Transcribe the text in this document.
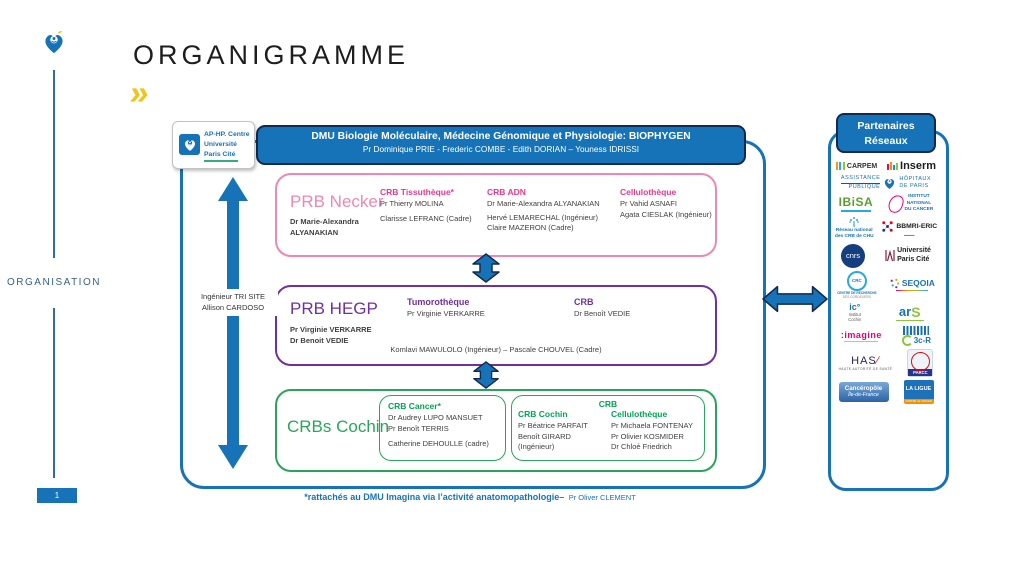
ORGANISATION
1
ORGANIGRAMME
»
AP-HP. Centre
Université
Paris Cité
DMU Biologie Moléculaire, Médecine Génomique et Physiologie: BIOPHYGEN
Pr Dominique PRIE - Frederic COMBE - Edith DORIAN – Youness IDRISSI
Ingénieur TRI SITE
Allison CARDOSO
PRB Necker
Dr Marie-Alexandra ALYANAKIAN
CRB Tissuthèque*
Pr Thierry MOLINA
Clarisse LEFRANC (Cadre)
CRB ADN
Dr Marie-Alexandra ALYANAKIAN
Hervé LEMARECHAL (Ingénieur)
Claire MAZERON (Cadre)
Cellulothèque
Pr Vahid ASNAFI
Agata CIESLAK (Ingénieur)
PRB HEGP
Pr Virginie VERKARRE
Dr Benoit VEDIE
Tumorothèque
Pr Virginie VERKARRE
CRB
Dr Benoît VEDIE
Komlavi MAWULOLO (Ingénieur) – Pascale CHOUVEL (Cadre)
CRBs Cochin
CRB Cancer*
Dr Audrey LUPO MANSUET
Pr Benoît TERRIS
Catherine DEHOULLE (cadre)
CRB
CRB Cochin
Pr Béatrice PARFAIT
Benoît GIRARD (Ingénieur)
Cellulothèque
Pr Michaela FONTENAY
Pr Olivier KOSMIDER
Dr Chloé Friedrich
*rattachés au DMU Imagina via l’activité anatomopathologie– Pr Oliver CLEMENT
Partenaires
Réseaux
CARPEM Inserm
ASSISTANCE
PUBLIQUE
HÔPITAUX
DE PARIS
IBiSA	INSTITUT
NATIONAL
DU CANCER
Réseau national
des CRB de CHU
BBMRI-ERIC
▬▬▬
cnrs
Université
Paris Cité
CRC
CENTRE DE RECHERCHE
DES CORDELIERS
SEQOIA
ic°
Institut
Cochin
ar S
:imagine
3c-R
HAS∕
HAUTE AUTORITÉ DE SANTÉ
PARCC
Cancéropôle
Île-de-France
LA LIGUE
CONTRE LE CANCER
